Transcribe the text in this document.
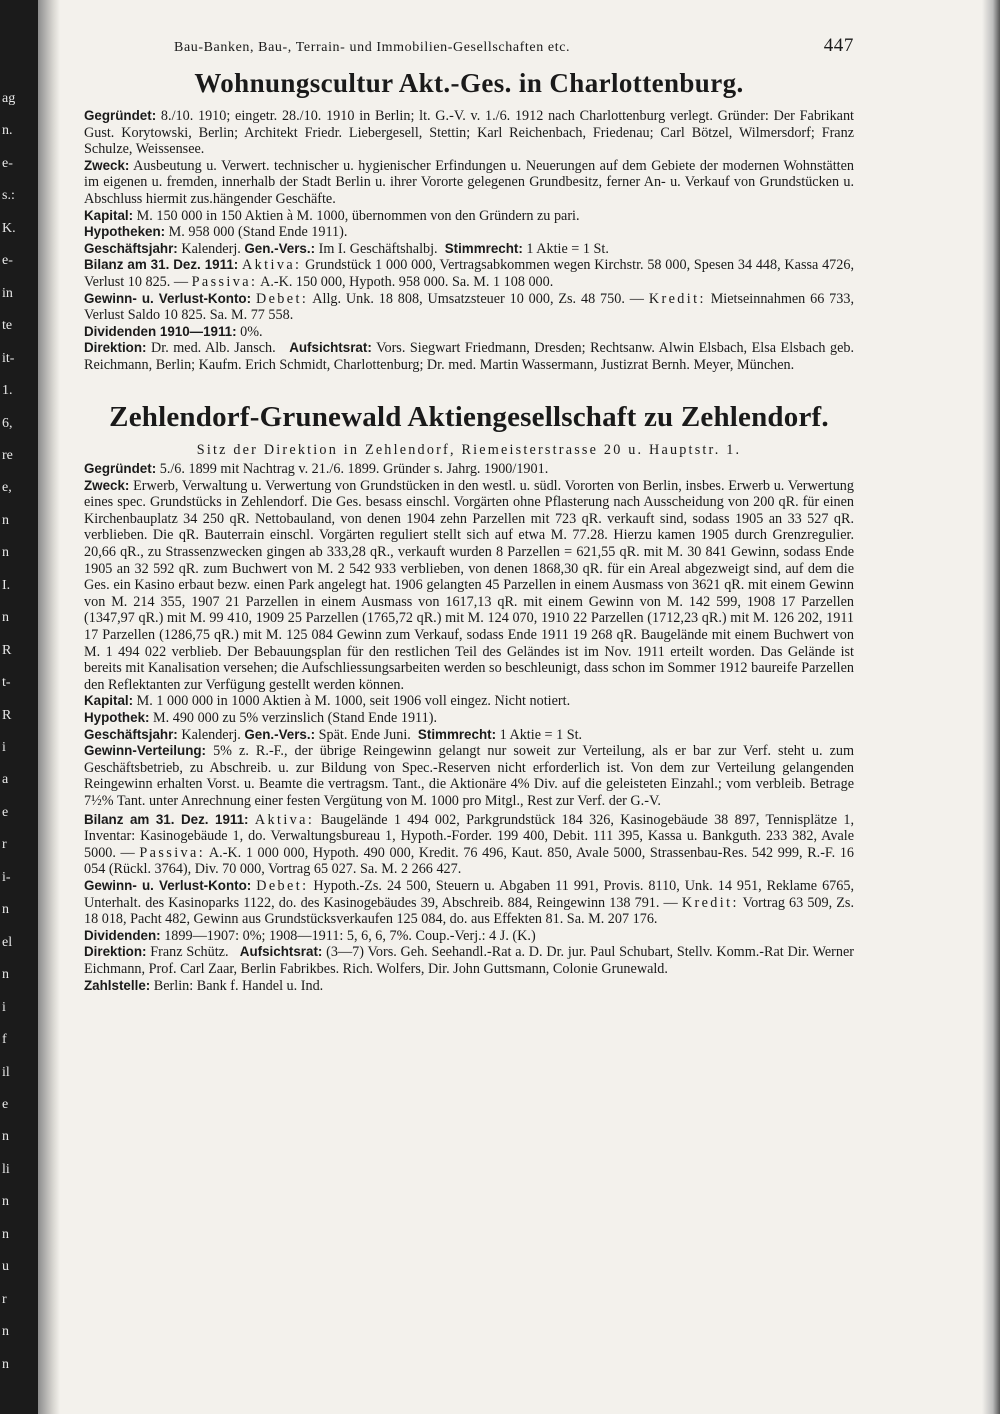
ag
n.
e-
s.:
K.
e-
in
te
it-
1.
6,
re
e,
n
n
I.
n
R
t-
R
i
a
e
r
i-
n
el
n
i
f
il
e
n
li
n
n
u
r
n
n
Bau-Banken, Bau-, Terrain- und Immobilien-Gesellschaften etc.	447
Wohnungscultur Akt.-Ges. in Charlottenburg.

Gegründet: 8./10. 1910; eingetr. 28./10. 1910 in Berlin; lt. G.-V. v. 1./6. 1912 nach Charlottenburg verlegt. Gründer: Der Fabrikant Gust. Korytowski, Berlin; Architekt Friedr. Liebergesell, Stettin; Karl Reichenbach, Friedenau; Carl Bötzel, Wilmersdorf; Franz Schulze, Weissensee.

Zweck: Ausbeutung u. Verwert. technischer u. hygienischer Erfindungen u. Neuerungen auf dem Gebiete der modernen Wohnstätten im eigenen u. fremden, innerhalb der Stadt Berlin u. ihrer Vororte gelegenen Grundbesitz, ferner An- u. Verkauf von Grundstücken u. Abschluss hiermit zus.hängender Geschäfte.

Kapital: M. 150 000 in 150 Aktien à M. 1000, übernommen von den Gründern zu pari.

Hypotheken: M. 958 000 (Stand Ende 1911).

Geschäftsjahr: Kalenderj. Gen.-Vers.: Im I. Geschäftshalbj. Stimmrecht: 1 Aktie = 1 St.

Bilanz am 31. Dez. 1911: Aktiva: Grundstück 1 000 000, Vertragsabkommen wegen Kirchstr. 58 000, Spesen 34 448, Kassa 4726, Verlust 10 825. — Passiva: A.-K. 150 000, Hypoth. 958 000. Sa. M. 1 108 000.

Gewinn- u. Verlust-Konto: Debet: Allg. Unk. 18 808, Umsatzsteuer 10 000, Zs. 48 750. — Kredit: Mietseinnahmen 66 733, Verlust Saldo 10 825. Sa. M. 77 558.

Dividenden 1910—1911: 0%.

Direktion: Dr. med. Alb. Jansch. Aufsichtsrat: Vors. Siegwart Friedmann, Dresden; Rechtsanw. Alwin Elsbach, Elsa Elsbach geb. Reichmann, Berlin; Kaufm. Erich Schmidt, Charlottenburg; Dr. med. Martin Wassermann, Justizrat Bernh. Meyer, München.

Zehlendorf-Grunewald Aktiengesellschaft zu Zehlendorf.
Sitz der Direktion in Zehlendorf, Riemeisterstrasse 20 u. Hauptstr. 1.

Gegründet: 5./6. 1899 mit Nachtrag v. 21./6. 1899. Gründer s. Jahrg. 1900/1901.

Zweck: Erwerb, Verwaltung u. Verwertung von Grundstücken in den westl. u. südl. Vororten von Berlin, insbes. Erwerb u. Verwertung eines spec. Grundstücks in Zehlendorf. Die Ges. besass einschl. Vorgärten ohne Pflasterung nach Ausscheidung von 200 qR. für einen Kirchenbauplatz 34 250 qR. Nettobauland, von denen 1904 zehn Parzellen mit 723 qR. verkauft sind, sodass 1905 an 33 527 qR. verblieben. Die qR. Bauterrain einschl. Vorgärten reguliert stellt sich auf etwa M. 77.28. Hierzu kamen 1905 durch Grenzregulier. 20,66 qR., zu Strassenzwecken gingen ab 333,28 qR., verkauft wurden 8 Parzellen = 621,55 qR. mit M. 30 841 Gewinn, sodass Ende 1905 an 32 592 qR. zum Buchwert von M. 2 542 933 verblieben, von denen 1868,30 qR. für ein Areal abgezweigt sind, auf dem die Ges. ein Kasino erbaut bezw. einen Park angelegt hat. 1906 gelangten 45 Parzellen in einem Ausmass von 3621 qR. mit einem Gewinn von M. 214 355, 1907 21 Parzellen in einem Ausmass von 1617,13 qR. mit einem Gewinn von M. 142 599, 1908 17 Parzellen (1347,97 qR.) mit M. 99 410, 1909 25 Parzellen (1765,72 qR.) mit M. 124 070, 1910 22 Parzellen (1712,23 qR.) mit M. 126 202, 1911 17 Parzellen (1286,75 qR.) mit M. 125 084 Gewinn zum Verkauf, sodass Ende 1911 19 268 qR. Baugelände mit einem Buchwert von M. 1 494 022 verblieb. Der Bebauungsplan für den restlichen Teil des Geländes ist im Nov. 1911 erteilt worden. Das Gelände ist bereits mit Kanalisation versehen; die Aufschliessungsarbeiten werden so beschleunigt, dass schon im Sommer 1912 baureife Parzellen den Reflektanten zur Verfügung gestellt werden können.

Kapital: M. 1 000 000 in 1000 Aktien à M. 1000, seit 1906 voll eingez. Nicht notiert.

Hypothek: M. 490 000 zu 5% verzinslich (Stand Ende 1911).

Geschäftsjahr: Kalenderj. Gen.-Vers.: Spät. Ende Juni. Stimmrecht: 1 Aktie = 1 St.

Gewinn-Verteilung: 5% z. R.-F., der übrige Reingewinn gelangt nur soweit zur Verteilung, als er bar zur Verf. steht u. zum Geschäftsbetrieb, zu Abschreib. u. zur Bildung von Spec.-Reserven nicht erforderlich ist. Von dem zur Verteilung gelangenden Reingewinn erhalten Vorst. u. Beamte die vertragsm. Tant., die Aktionäre 4% Div. auf die geleisteten Einzahl.; vom verbleib. Betrage 7½% Tant. unter Anrechnung einer festen Vergütung von M. 1000 pro Mitgl., Rest zur Verf. der G.-V.

Bilanz am 31. Dez. 1911: Aktiva: Baugelände 1 494 002, Parkgrundstück 184 326, Kasinogebäude 38 897, Tennisplätze 1, Inventar: Kasinogebäude 1, do. Verwaltungsbureau 1, Hypoth.-Forder. 199 400, Debit. 111 395, Kassa u. Bankguth. 233 382, Avale 5000. — Passiva: A.-K. 1 000 000, Hypoth. 490 000, Kredit. 76 496, Kaut. 850, Avale 5000, Strassenbau-Res. 542 999, R.-F. 16 054 (Rückl. 3764), Div. 70 000, Vortrag 65 027. Sa. M. 2 266 427.

Gewinn- u. Verlust-Konto: Debet: Hypoth.-Zs. 24 500, Steuern u. Abgaben 11 991, Provis. 8110, Unk. 14 951, Reklame 6765, Unterhalt. des Kasinoparks 1122, do. des Kasinogebäudes 39, Abschreib. 884, Reingewinn 138 791. — Kredit: Vortrag 63 509, Zs. 18 018, Pacht 482, Gewinn aus Grundstücksverkaufen 125 084, do. aus Effekten 81. Sa. M. 207 176.

Dividenden: 1899—1907: 0%; 1908—1911: 5, 6, 6, 7%. Coup.-Verj.: 4 J. (K.)

Direktion: Franz Schütz. Aufsichtsrat: (3—7) Vors. Geh. Seehandl.-Rat a. D. Dr. jur. Paul Schubart, Stellv. Komm.-Rat Dir. Werner Eichmann, Prof. Carl Zaar, Berlin Fabrikbes. Rich. Wolfers, Dir. John Guttsmann, Colonie Grunewald.

Zahlstelle: Berlin: Bank f. Handel u. Ind.
